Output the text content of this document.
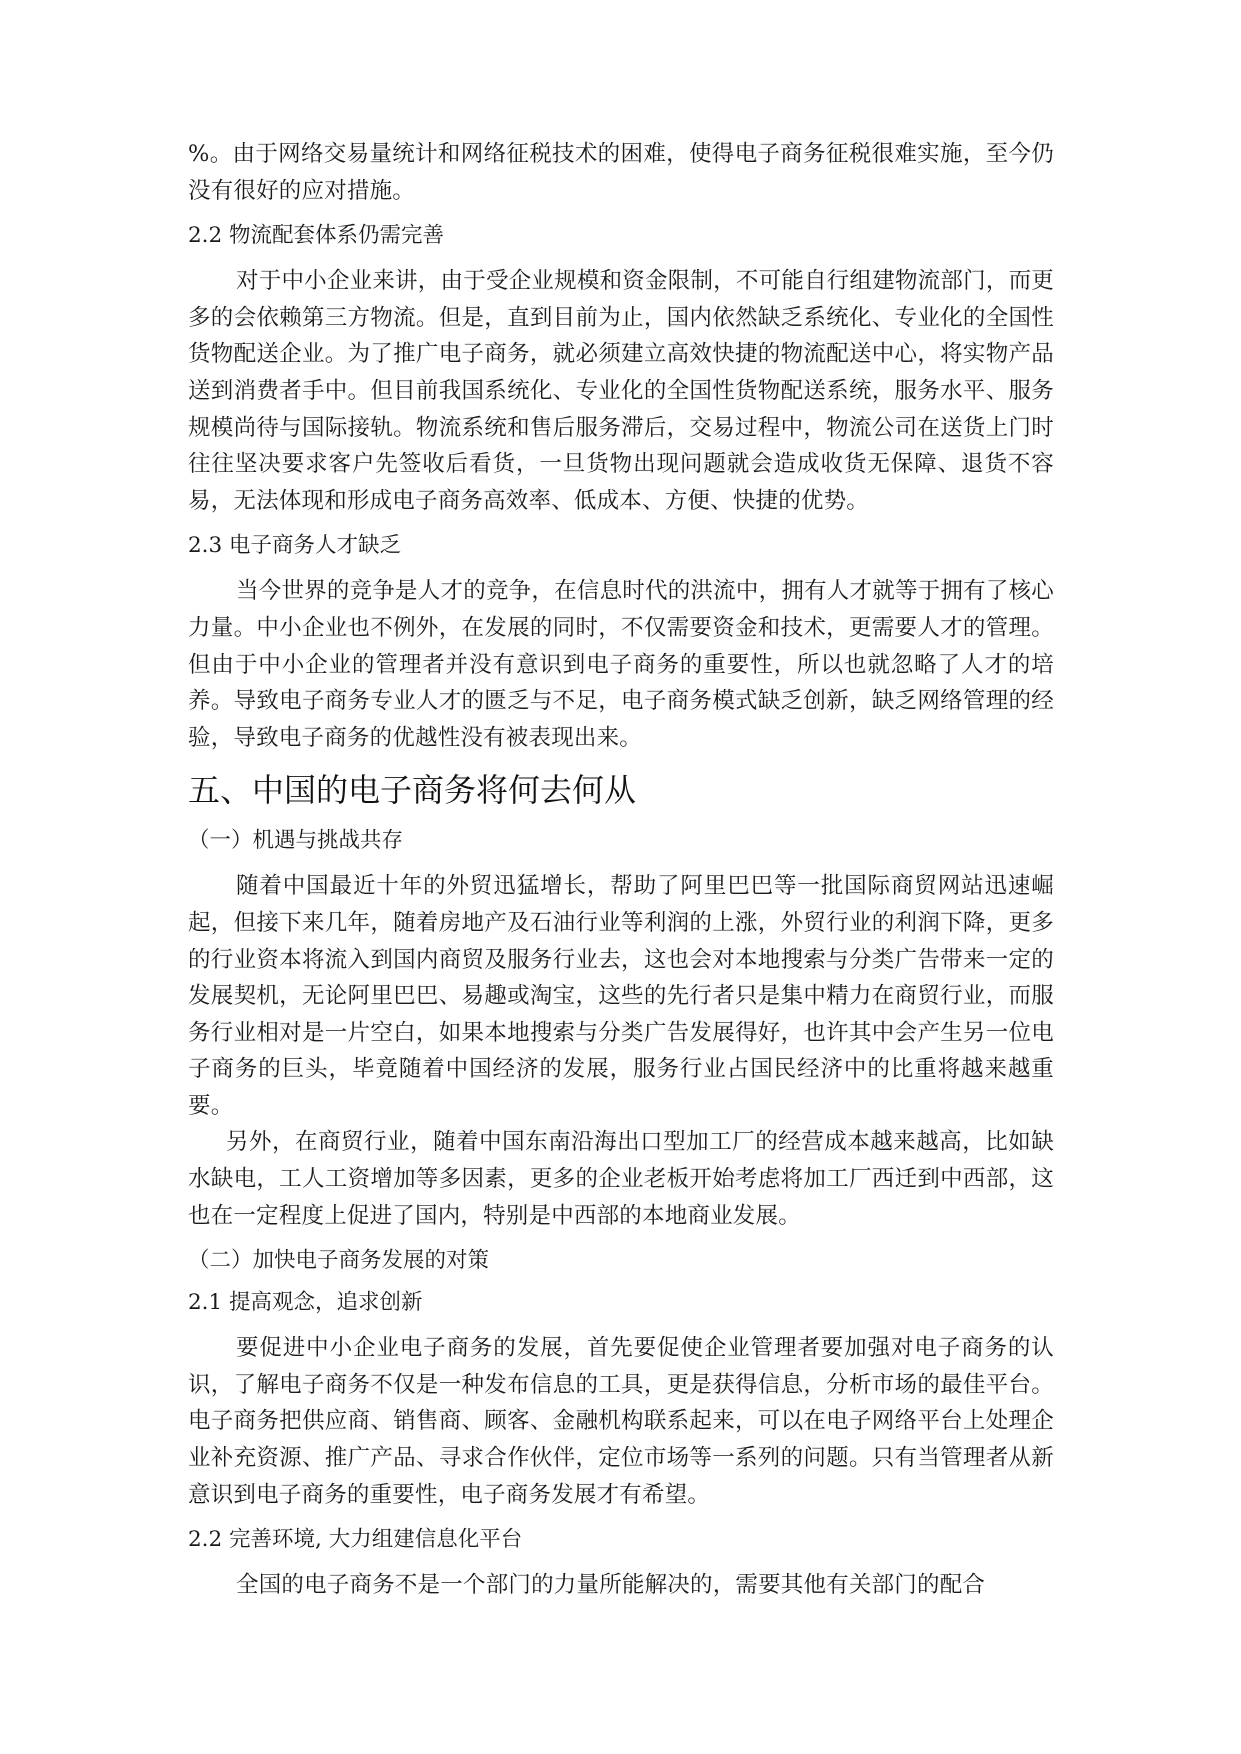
%。由于网络交易量统计和网络征税技术的困难，使得电子商务征税很难实施，至今仍没有很好的应对措施。

2.2 物流配套体系仍需完善

对于中小企业来讲，由于受企业规模和资金限制，不可能自行组建物流部门，而更多的会依赖第三方物流。但是，直到目前为止，国内依然缺乏系统化、专业化的全国性货物配送企业。为了推广电子商务，就必须建立高效快捷的物流配送中心，将实物产品送到消费者手中。但目前我国系统化、专业化的全国性货物配送系统，服务水平、服务规模尚待与国际接轨。物流系统和售后服务滞后，交易过程中，物流公司在送货上门时往往坚决要求客户先签收后看货，一旦货物出现问题就会造成收货无保障、退货不容易，无法体现和形成电子商务高效率、低成本、方便、快捷的优势。

2.3 电子商务人才缺乏

当今世界的竞争是人才的竞争，在信息时代的洪流中，拥有人才就等于拥有了核心力量。中小企业也不例外，在发展的同时，不仅需要资金和技术，更需要人才的管理。但由于中小企业的管理者并没有意识到电子商务的重要性，所以也就忽略了人才的培养。导致电子商务专业人才的匮乏与不足，电子商务模式缺乏创新，缺乏网络管理的经验，导致电子商务的优越性没有被表现出来。

五、中国的电子商务将何去何从

（一）机遇与挑战共存

随着中国最近十年的外贸迅猛增长，帮助了阿里巴巴等一批国际商贸网站迅速崛起，但接下来几年，随着房地产及石油行业等利润的上涨，外贸行业的利润下降，更多的行业资本将流入到国内商贸及服务行业去，这也会对本地搜索与分类广告带来一定的发展契机，无论阿里巴巴、易趣或淘宝，这些的先行者只是集中精力在商贸行业，而服务行业相对是一片空白，如果本地搜索与分类广告发展得好，也许其中会产生另一位电子商务的巨头，毕竟随着中国经济的发展，服务行业占国民经济中的比重将越来越重要。

另外，在商贸行业，随着中国东南沿海出口型加工厂的经营成本越来越高，比如缺水缺电，工人工资增加等多因素，更多的企业老板开始考虑将加工厂西迁到中西部，这也在一定程度上促进了国内，特别是中西部的本地商业发展。

（二）加快电子商务发展的对策

2.1 提高观念，追求创新

要促进中小企业电子商务的发展，首先要促使企业管理者要加强对电子商务的认识，了解电子商务不仅是一种发布信息的工具，更是获得信息，分析市场的最佳平台。电子商务把供应商、销售商、顾客、金融机构联系起来，可以在电子网络平台上处理企业补充资源、推广产品、寻求合作伙伴，定位市场等一系列的问题。只有当管理者从新意识到电子商务的重要性，电子商务发展才有希望。

2.2 完善环境, 大力组建信息化平台

全国的电子商务不是一个部门的力量所能解决的，需要其他有关部门的配合
